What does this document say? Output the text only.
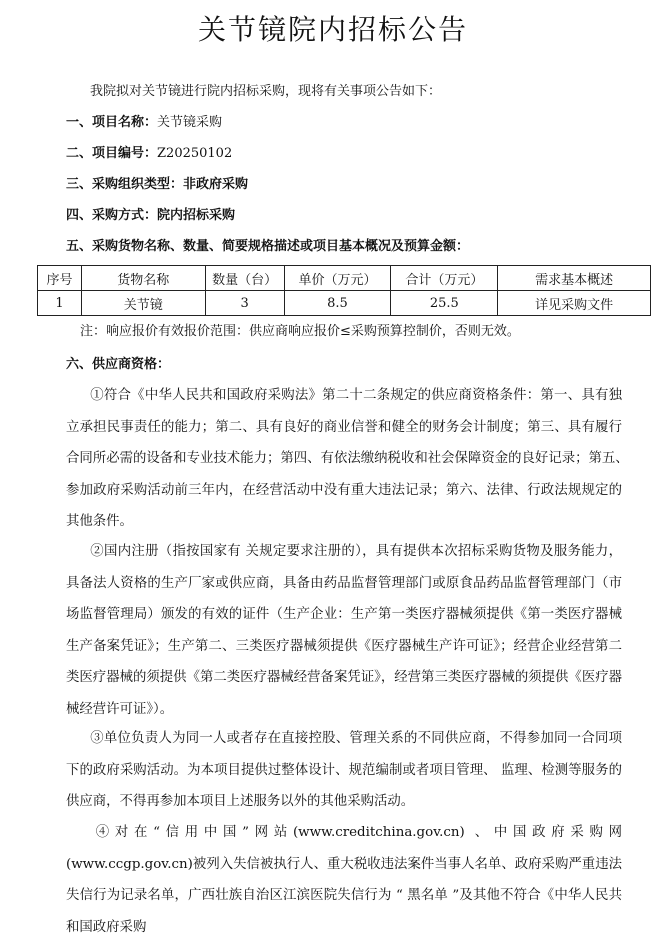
关节镜院内招标公告
我院拟对关节镜进行院内招标采购，现将有关事项公告如下：
一、项目名称：关节镜采购
二、项目编号：Z20250102
三、采购组织类型：非政府采购
四、采购方式：院内招标采购
五、采购货物名称、数量、简要规格描述或项目基本概况及预算金额：
序号	货物名称	数量（台）	单价（万元）	合计（万元）	需求基本概述
1	关节镜	3	8.5	25.5	详见采购文件
注：响应报价有效报价范围：供应商响应报价≤采购预算控制价，否则无效。
六、供应商资格：
①符合《中华人民共和国政府采购法》第二十二条规定的供应商资格条件：第一、具有独立承担民事责任的能力；第二、具有良好的商业信誉和健全的财务会计制度；第三、具有履行合同所必需的设备和专业技术能力；第四、有依法缴纳税收和社会保障资金的良好记录；第五、　参加政府采购活动前三年内，在经营活动中没有重大违法记录；第六、法律、行政法规规定的其他条件。
②国内注册（指按国家有 关规定要求注册的），具有提供本次招标采购货物及服务能力，具备法人资格的生产厂家或供应商，具备由药品监督管理部门或原食品药品监督管理部门（市场监督管理局）颁发的有效的证件（生产企业：生产第一类医疗器械须提供《第一类医疗器械生产备案凭证》；生产第二、三类医疗器械须提供《医疗器械生产许可证》；经营企业经营第二类医疗器械的须提供《第二类医疗器械经营备案凭证》，经营第三类医疗器械的须提供《医疗器械经营许可证》）。
③单位负责人为同一人或者存在直接控股、管理关系的不同供应商，不得参加同一合同项下的政府采购活动。为本项目提供过整体设计、规范编制或者项目管理、 监理、检测等服务的供应商，不得再参加本项目上述服务以外的其他采购活动。
④对在“信用中国”网站(www.creditchina.gov.cn) 、中国政府采购网(www.ccgp.gov.cn)被列入失信被执行人、重大税收违法案件当事人名单、政府采购严重违法失信行为记录名单，广西壮族自治区江滨医院失信行为 “ 黑名单 ”及其他不符合《中华人民共和国政府采购
